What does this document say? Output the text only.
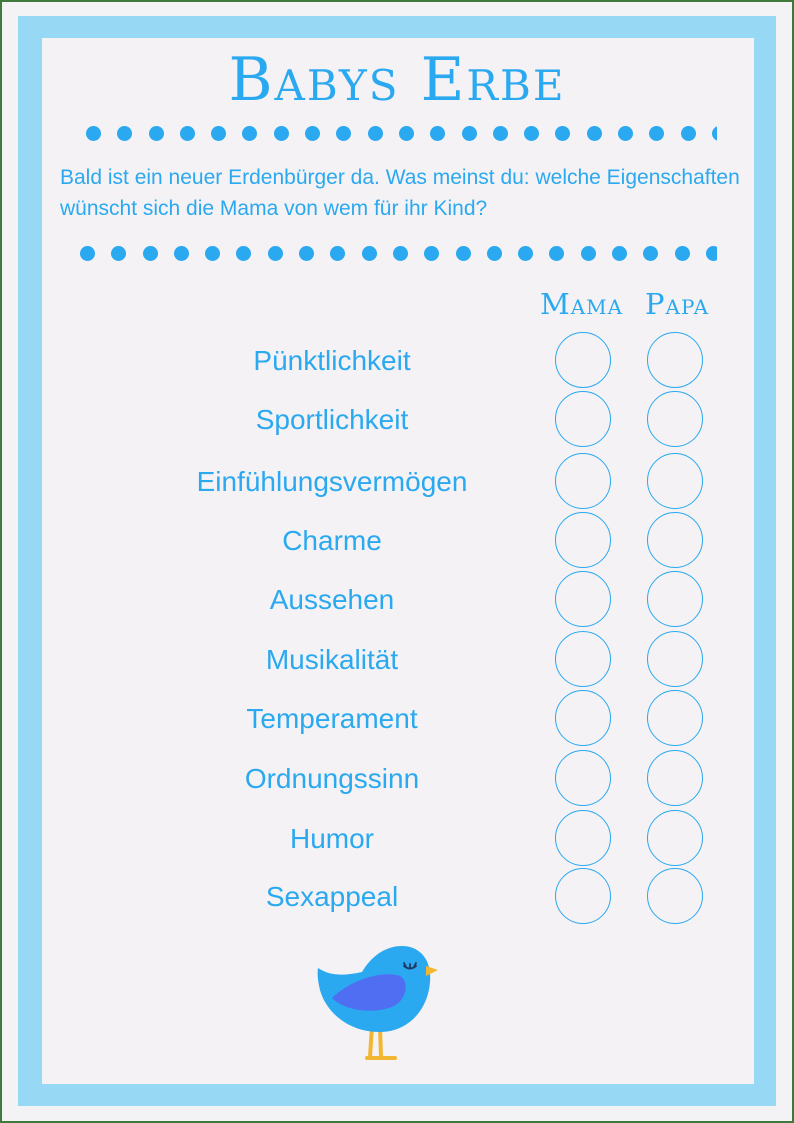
Babys Erbe

Bald ist ein neuer Erdenbürger da. Was meinst du: welche Eigenschaften wünscht sich die Mama von wem für ihr Kind?

Mama Papa
Pünktlichkeit
Sportlichkeit
Einfühlungsvermögen
Charme
Aussehen
Musikalität
Temperament
Ordnungssinn
Humor
Sexappeal
